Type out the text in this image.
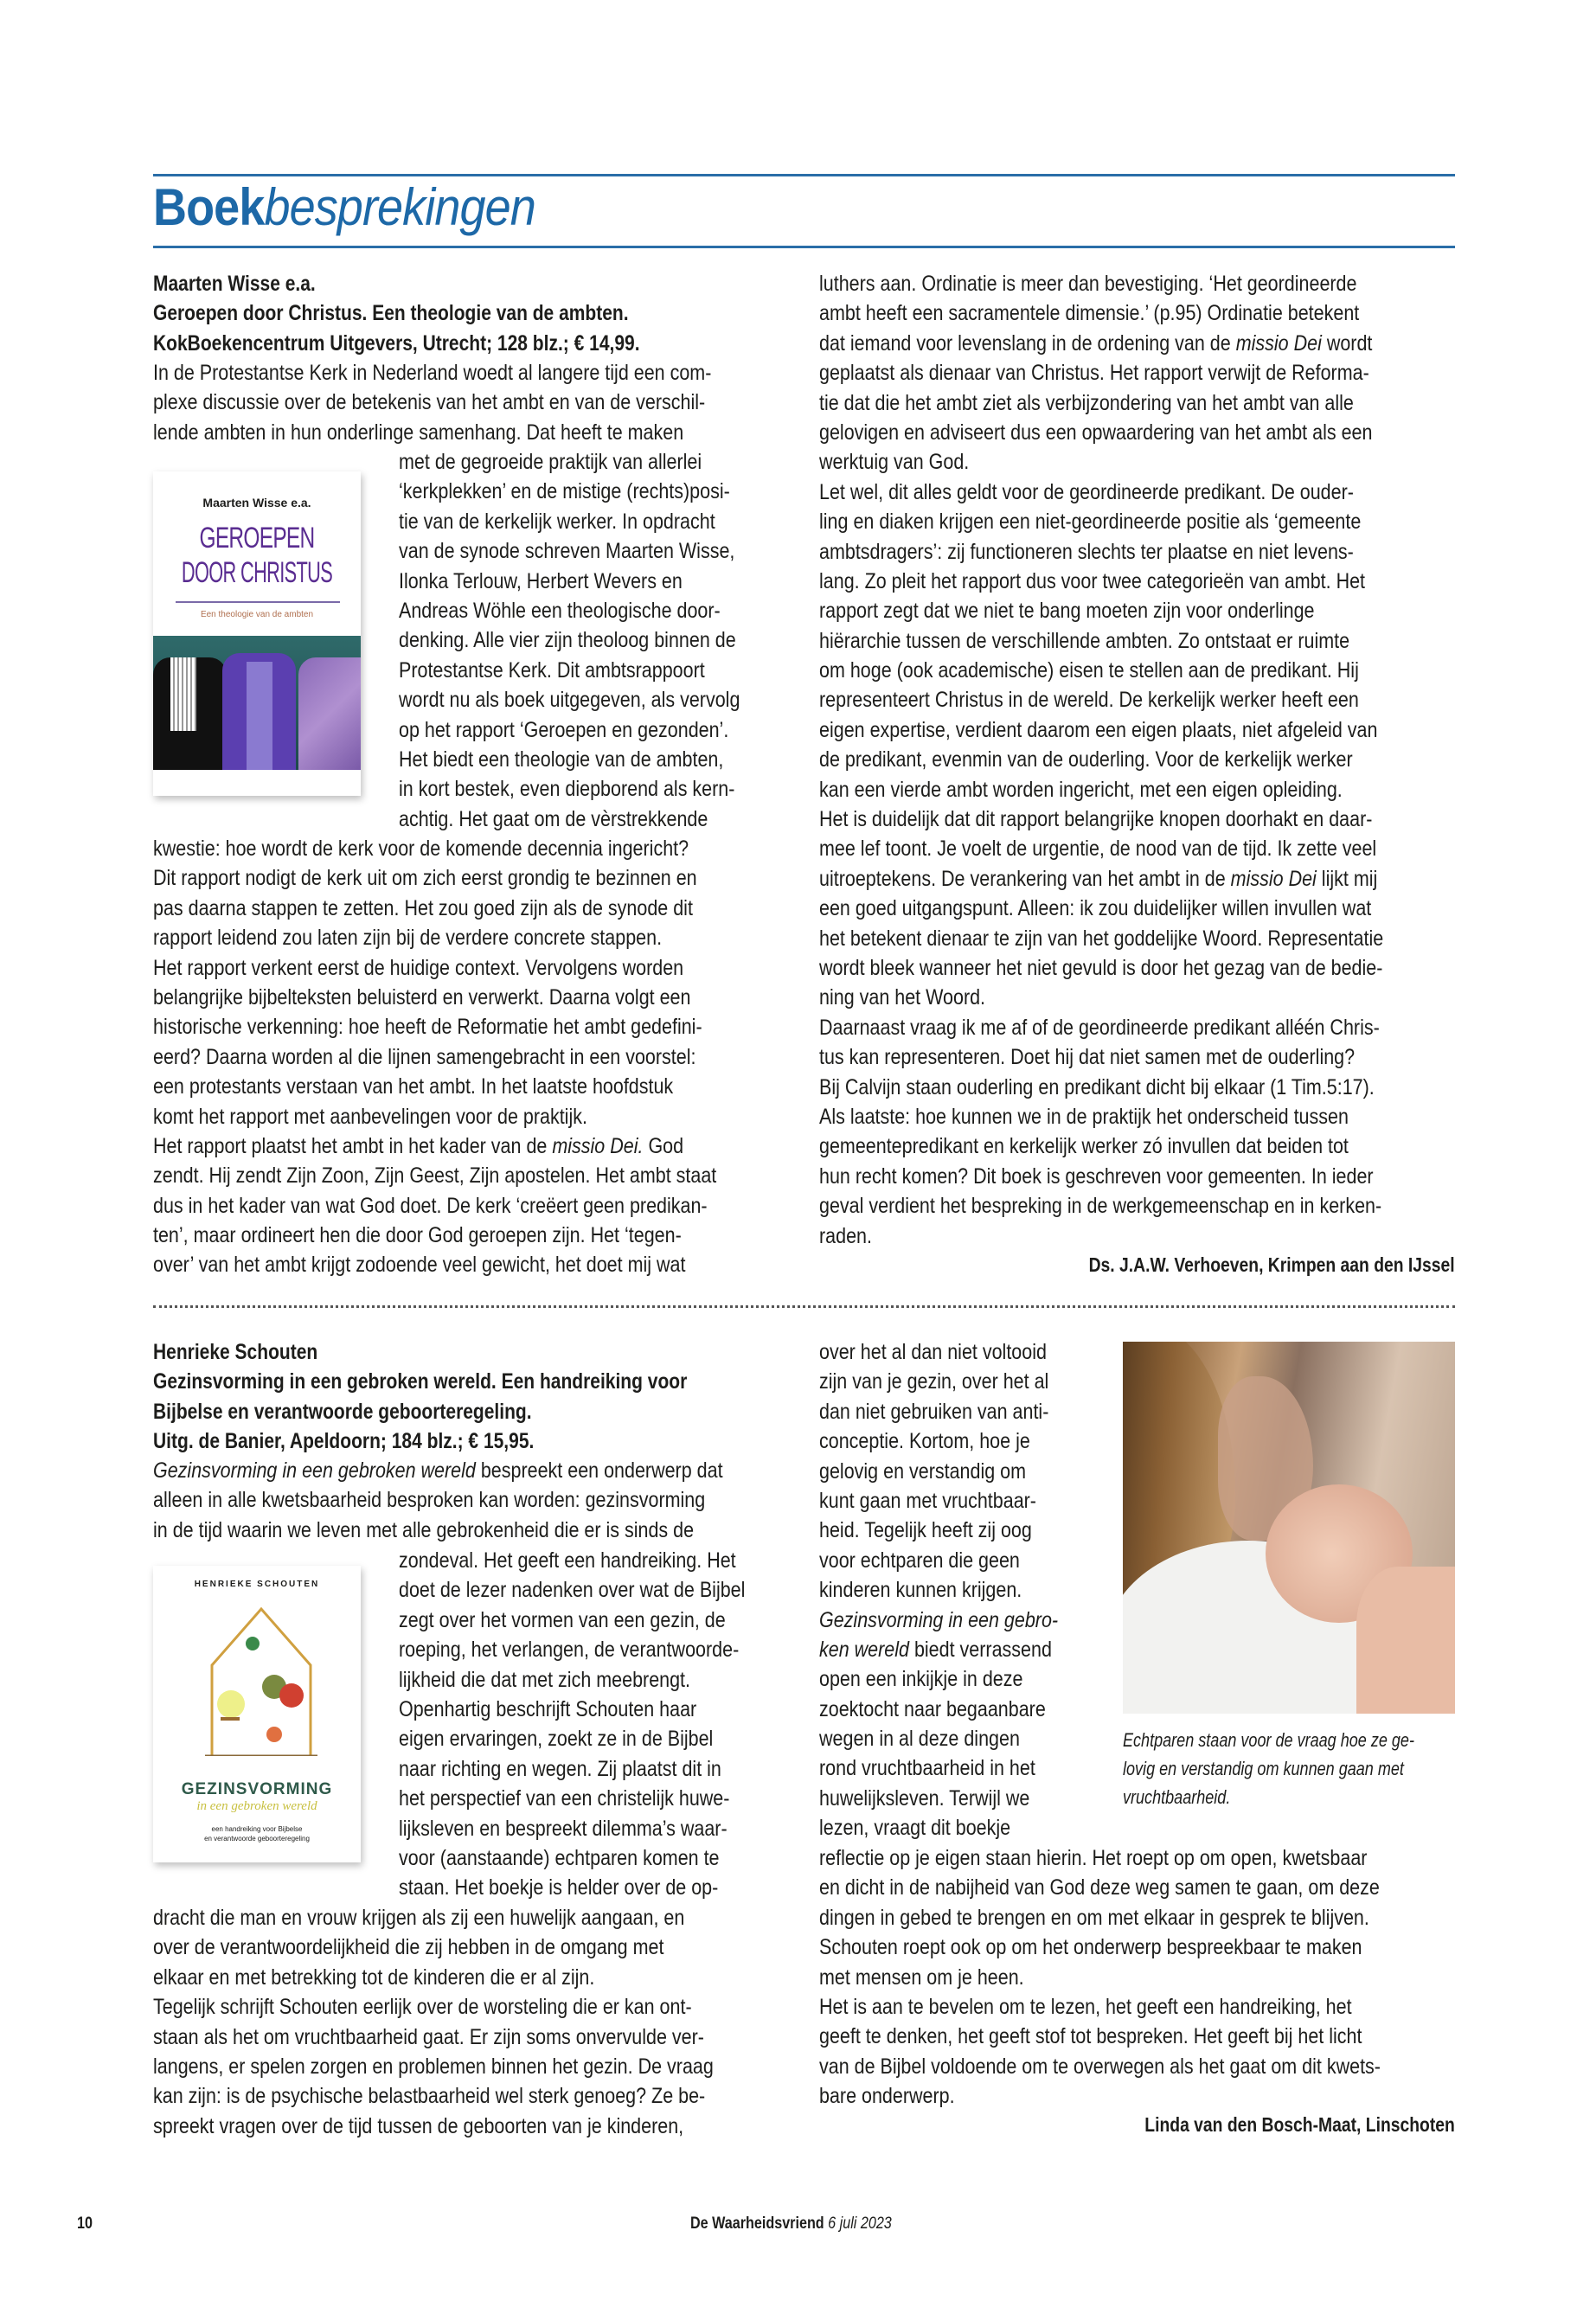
Boekbesprekingen
Maarten Wisse e.a.
Geroepen door Christus. Een theologie van de ambten.
KokBoekencentrum Uitgevers, Utrecht; 128 blz.; € 14,99.
In de Protestantse Kerk in Nederland woedt al langere tijd een com-
plexe discussie over de betekenis van het ambt en van de verschil-
lende ambten in hun onderlinge samenhang. Dat heeft te maken
met de gegroeide praktijk van allerlei
‘kerkplekken’ en de mistige (rechts)posi-
tie van de kerkelijk werker. In opdracht
van de synode schreven Maarten Wisse,
Ilonka Terlouw, Herbert Wevers en
Andreas Wöhle een theologische door-
denking. Alle vier zijn theoloog binnen de
Protestantse Kerk. Dit ambtsrappoort
wordt nu als boek uitgegeven, als vervolg
op het rapport ‘Geroepen en gezonden’.
Het biedt een theologie van de ambten,
in kort bestek, even diepborend als kern-
achtig. Het gaat om de vèrstrekkende
kwestie: hoe wordt de kerk voor de komende decennia ingericht?
Dit rapport nodigt de kerk uit om zich eerst grondig te bezinnen en
pas daarna stappen te zetten. Het zou goed zijn als de synode dit
rapport leidend zou laten zijn bij de verdere concrete stappen.
Het rapport verkent eerst de huidige context. Vervolgens worden
belangrijke bijbelteksten beluisterd en verwerkt. Daarna volgt een
historische verkenning: hoe heeft de Reformatie het ambt gedefini-
eerd? Daarna worden al die lijnen samengebracht in een voorstel:
een protestants verstaan van het ambt. In het laatste hoofdstuk
komt het rapport met aanbevelingen voor de praktijk.
Het rapport plaatst het ambt in het kader van de missio Dei. God
zendt. Hij zendt Zijn Zoon, Zijn Geest, Zijn apostelen. Het ambt staat
dus in het kader van wat God doet. De kerk ‘creëert geen predikan-
ten’, maar ordineert hen die door God geroepen zijn. Het ‘tegen-
over’ van het ambt krijgt zodoende veel gewicht, het doet mij wat
luthers aan. Ordinatie is meer dan bevestiging. ‘Het geordineerde
ambt heeft een sacramentele dimensie.’ (p.95) Ordinatie betekent
dat iemand voor levenslang in de ordening van de missio Dei wordt
geplaatst als dienaar van Christus. Het rapport verwijt de Reforma-
tie dat die het ambt ziet als verbijzondering van het ambt van alle
gelovigen en adviseert dus een opwaardering van het ambt als een
werktuig van God.
Let wel, dit alles geldt voor de geordineerde predikant. De ouder-
ling en diaken krijgen een niet-geordineerde positie als ‘gemeente
ambtsdragers’: zij functioneren slechts ter plaatse en niet levens-
lang. Zo pleit het rapport dus voor twee categorieën van ambt. Het
rapport zegt dat we niet te bang moeten zijn voor onderlinge
hiërarchie tussen de verschillende ambten. Zo ontstaat er ruimte
om hoge (ook academische) eisen te stellen aan de predikant. Hij
representeert Christus in de wereld. De kerkelijk werker heeft een
eigen expertise, verdient daarom een eigen plaats, niet afgeleid van
de predikant, evenmin van de ouderling. Voor de kerkelijk werker
kan een vierde ambt worden ingericht, met een eigen opleiding.
Het is duidelijk dat dit rapport belangrijke knopen doorhakt en daar-
mee lef toont. Je voelt de urgentie, de nood van de tijd. Ik zette veel
uitroeptekens. De verankering van het ambt in de missio Dei lijkt mij
een goed uitgangspunt. Alleen: ik zou duidelijker willen invullen wat
het betekent dienaar te zijn van het goddelijke Woord. Representatie
wordt bleek wanneer het niet gevuld is door het gezag van de bedie-
ning van het Woord.
Daarnaast vraag ik me af of de geordineerde predikant alléén Chris-
tus kan representeren. Doet hij dat niet samen met de ouderling?
Bij Calvijn staan ouderling en predikant dicht bij elkaar (1 Tim.5:17).
Als laatste: hoe kunnen we in de praktijk het onderscheid tussen
gemeentepredikant en kerkelijk werker zó invullen dat beiden tot
hun recht komen? Dit boek is geschreven voor gemeenten. In ieder
geval verdient het bespreking in de werkgemeenschap en in kerken-
raden.
Ds. J.A.W. Verhoeven, Krimpen aan den IJssel
Maarten Wisse e.a.
GEROEPEN
DOOR CHRISTUS
Een theologie van de ambten
Henrieke Schouten
Gezinsvorming in een gebroken wereld. Een handreiking voor
Bijbelse en verantwoorde geboorteregeling.
Uitg. de Banier, Apeldoorn; 184 blz.; € 15,95.
Gezinsvorming in een gebroken wereld bespreekt een onderwerp dat
alleen in alle kwetsbaarheid besproken kan worden: gezinsvorming
in de tijd waarin we leven met alle gebrokenheid die er is sinds de
zondeval. Het geeft een handreiking. Het
doet de lezer nadenken over wat de Bijbel
zegt over het vormen van een gezin, de
roeping, het verlangen, de verantwoorde-
lijkheid die dat met zich meebrengt.
Openhartig beschrijft Schouten haar
eigen ervaringen, zoekt ze in de Bijbel
naar richting en wegen. Zij plaatst dit in
het perspectief van een christelijk huwe-
lijksleven en bespreekt dilemma’s waar-
voor (aanstaande) echtparen komen te
staan. Het boekje is helder over de op-
dracht die man en vrouw krijgen als zij een huwelijk aangaan, en
over de verantwoordelijkheid die zij hebben in de omgang met
elkaar en met betrekking tot de kinderen die er al zijn.
Tegelijk schrijft Schouten eerlijk over de worsteling die er kan ont-
staan als het om vruchtbaarheid gaat. Er zijn soms onvervulde ver-
langens, er spelen zorgen en problemen binnen het gezin. De vraag
kan zijn: is de psychische belastbaarheid wel sterk genoeg? Ze be-
spreekt vragen over de tijd tussen de geboorten van je kinderen,
over het al dan niet voltooid
zijn van je gezin, over het al
dan niet gebruiken van anti-
conceptie. Kortom, hoe je
gelovig en verstandig om
kunt gaan met vruchtbaar-
heid. Tegelijk heeft zij oog
voor echtparen die geen
kinderen kunnen krijgen.
Gezinsvorming in een gebro-
ken wereld biedt verrassend
open een inkijkje in deze
zoektocht naar begaanbare
wegen in al deze dingen
rond vruchtbaarheid in het
huwelijksleven. Terwijl we
lezen, vraagt dit boekje
reflectie op je eigen staan hierin. Het roept op om open, kwetsbaar
en dicht in de nabijheid van God deze weg samen te gaan, om deze
dingen in gebed te brengen en om met elkaar in gesprek te blijven.
Schouten roept ook op om het onderwerp bespreekbaar te maken
met mensen om je heen.
Het is aan te bevelen om te lezen, het geeft een handreiking, het
geeft te denken, het geeft stof tot bespreken. Het geeft bij het licht
van de Bijbel voldoende om te overwegen als het gaat om dit kwets-
bare onderwerp.
Linda van den Bosch-Maat, Linschoten
HENRIEKE SCHOUTEN
GEZINSVORMING
in een gebroken wereld
een handreiking voor Bijbelse
en verantwoorde geboorteregeling
Echtparen staan voor de vraag hoe ze ge-
lovig en verstandig om kunnen gaan met
vruchtbaarheid.
10	De Waarheidsvriend 6 juli 2023
